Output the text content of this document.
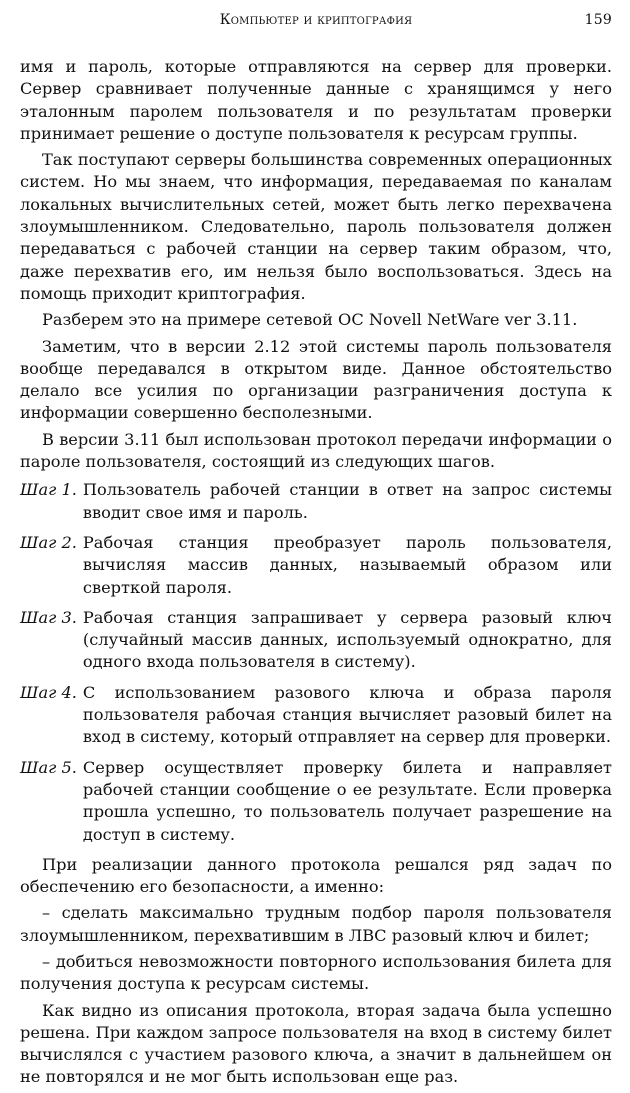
Компьютер и криптография	159

имя и пароль, которые отправляются на сервер для проверки. Сервер сравнивает полученные данные с хранящимся у него эталонным паролем пользователя и по результатам проверки принимает решение о доступе пользователя к ресурсам группы.

Так поступают серверы большинства современных операционных систем. Но мы знаем, что информация, передаваемая по каналам локальных вычислительных сетей, может быть легко перехвачена злоумышленником. Следовательно, пароль пользователя должен передаваться с рабочей станции на сервер таким образом, что, даже перехватив его, им нельзя было воспользоваться. Здесь на помощь приходит криптография.

Разберем это на примере сетевой ОС Novell NetWare ver 3.11.

Заметим, что в версии 2.12 этой системы пароль пользователя вообще передавался в открытом виде. Данное обстоятельство делало все усилия по организации разграничения доступа к информации совершенно бесполезными.

В версии 3.11 был использован протокол передачи информации о пароле пользователя, состоящий из следующих шагов.

Шаг 1. Пользователь рабочей станции в ответ на запрос системы вводит свое имя и пароль.
Шаг 2. Рабочая станция преобразует пароль пользователя, вычисляя массив данных, называемый образом или сверткой пароля.
Шаг 3. Рабочая станция запрашивает у сервера разовый ключ (случайный массив данных, используемый однократно, для одного входа пользователя в систему).
Шаг 4. С использованием разового ключа и образа пароля пользователя рабочая станция вычисляет разовый билет на вход в систему, который отправляет на сервер для проверки.
Шаг 5. Сервер осуществляет проверку билета и направляет рабочей станции сообщение о ее результате. Если проверка прошла успешно, то пользователь получает разрешение на доступ в систему.

При реализации данного протокола решался ряд задач по обеспечению его безопасности, а именно:

– сделать максимально трудным подбор пароля пользователя злоумышленником, перехватившим в ЛВС разовый ключ и билет;

– добиться невозможности повторного использования билета для получения доступа к ресурсам системы.

Как видно из описания протокола, вторая задача была успешно решена. При каждом запросе пользователя на вход в систему билет вычислялся с участием разового ключа, а значит в дальнейшем он не повторялся и не мог быть использован еще раз.
